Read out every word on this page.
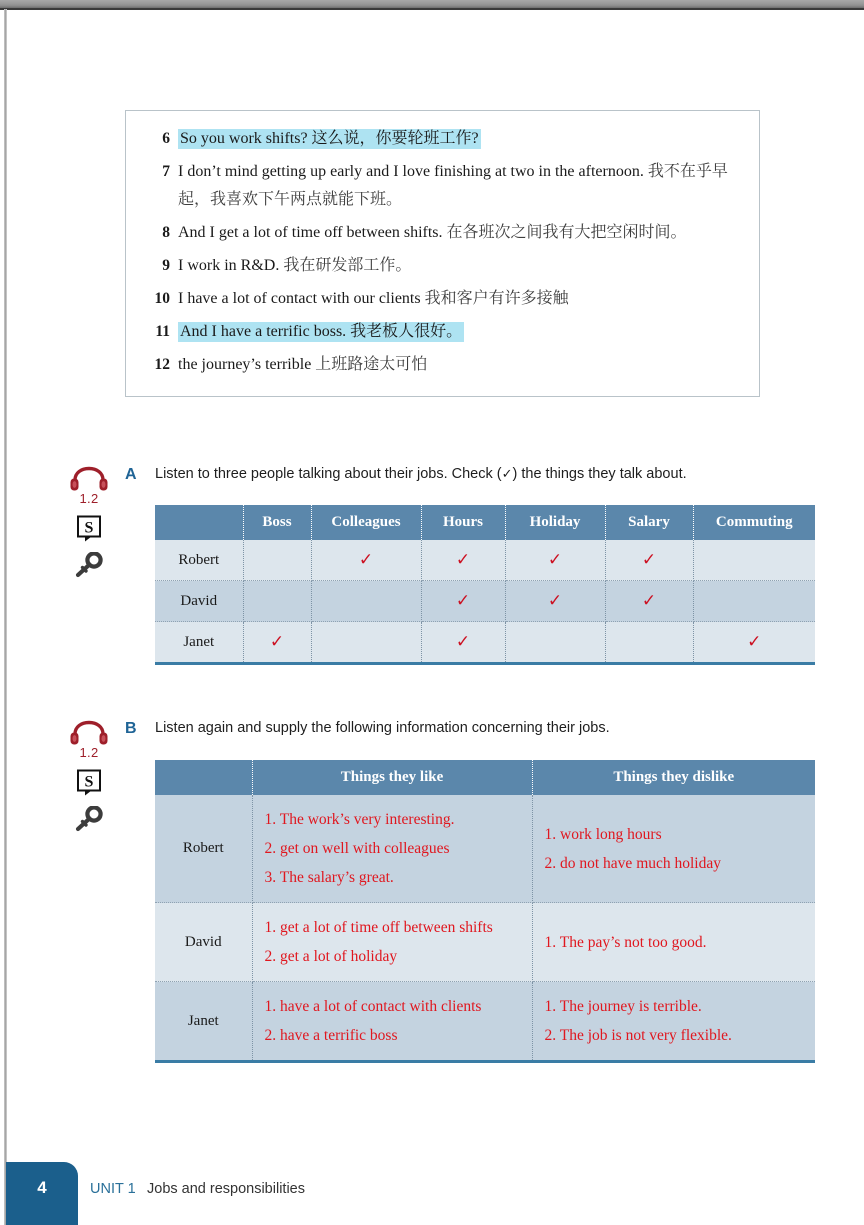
6 So you work shifts? 这么说，你要轮班工作?
7 I don’t mind getting up early and I love finishing at two in the afternoon. 我不在乎早起，我喜欢下午两点就能下班。
8 And I get a lot of time off between shifts. 在各班次之间我有大把空闲时间。
9 I work in R&D. 我在研发部工作。
10 I have a lot of contact with our clients 我和客户有许多接触
11 And I have a terrific boss. 我老板人很好。
12 the journey’s terrible 上班路途太可怕
1.2
S
A Listen to three people talking about their jobs. Check (✓) the things they talk about.
	Boss	Colleagues	Hours	Holiday	Salary	Commuting
Robert		✓	✓	✓	✓	
David			✓	✓	✓	
Janet	✓		✓			✓
1.2
S
B Listen again and supply the following information concerning their jobs.
	Things they like	Things they dislike
Robert	1. The work’s very interesting.
2. get on well with colleagues
3. The salary’s great.	1. work long hours
2. do not have much holiday

David	1. get a lot of time off between shifts
2. get a lot of holiday	1. The pay’s not too good.

Janet	1. have a lot of contact with clients
2. have a terrific boss	1. The journey is terrible.
2. The job is not very flexible.
4	UNIT 1 Jobs and responsibilities
